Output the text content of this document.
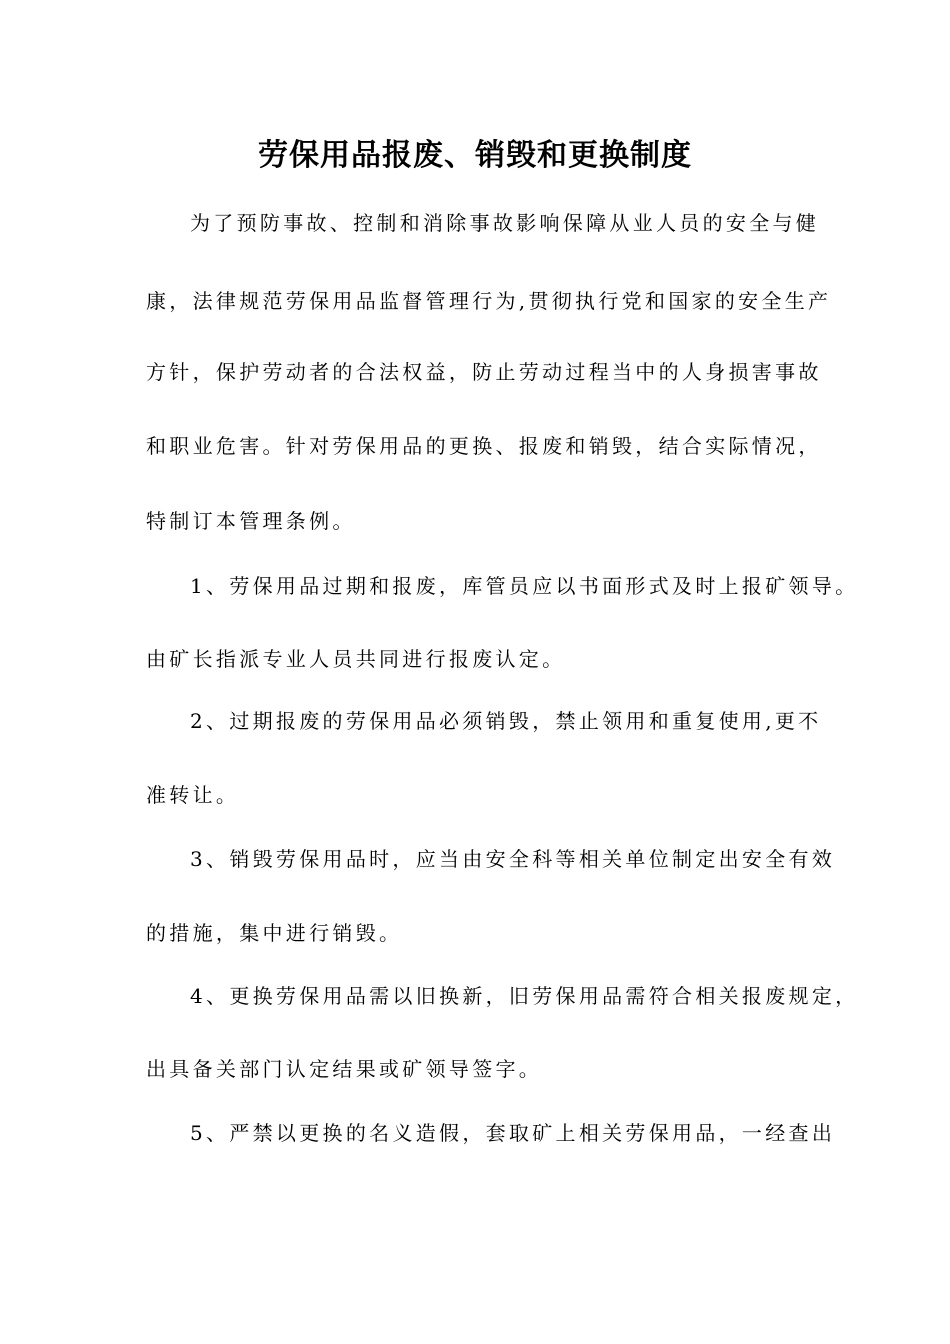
劳保用品报废、销毁和更换制度
为了预防事故、控制和消除事故影响保障从业人员的安全与健
康，法律规范劳保用品监督管理行为,贯彻执行党和国家的安全生产
方针，保护劳动者的合法权益，防止劳动过程当中的人身损害事故
和职业危害。针对劳保用品的更换、报废和销毁，结合实际情况，
特制订本管理条例。
1、劳保用品过期和报废，库管员应以书面形式及时上报矿领导。
由矿长指派专业人员共同进行报废认定。
2、过期报废的劳保用品必须销毁，禁止领用和重复使用,更不
准转让。
3、销毁劳保用品时，应当由安全科等相关单位制定出安全有效
的措施，集中进行销毁。
4、更换劳保用品需以旧换新，旧劳保用品需符合相关报废规定，
出具备关部门认定结果或矿领导签字。
5、严禁以更换的名义造假，套取矿上相关劳保用品，一经查出
